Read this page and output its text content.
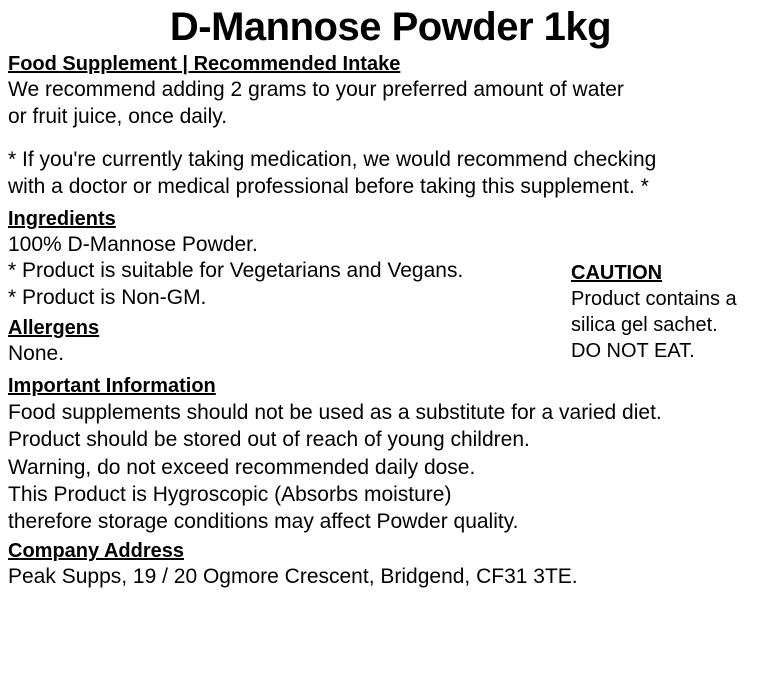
D-Mannose Powder 1kg
Food Supplement | Recommended Intake
We recommend adding 2 grams to your preferred amount of water
or fruit juice, once daily.
* If you're currently taking medication, we would recommend checking
with a doctor or medical professional before taking this supplement. *
Ingredients
100% D-Mannose Powder.
* Product is suitable for Vegetarians and Vegans.
* Product is Non-GM.
Allergens
None.
CAUTION
Product contains a
silica gel sachet.
DO NOT EAT.
Important Information
Food supplements should not be used as a substitute for a varied diet.
Product should be stored out of reach of young children.
Warning, do not exceed recommended daily dose.
This Product is Hygroscopic (Absorbs moisture)
therefore storage conditions may affect Powder quality.
Company Address
Peak Supps, 19 / 20 Ogmore Crescent, Bridgend, CF31 3TE.
